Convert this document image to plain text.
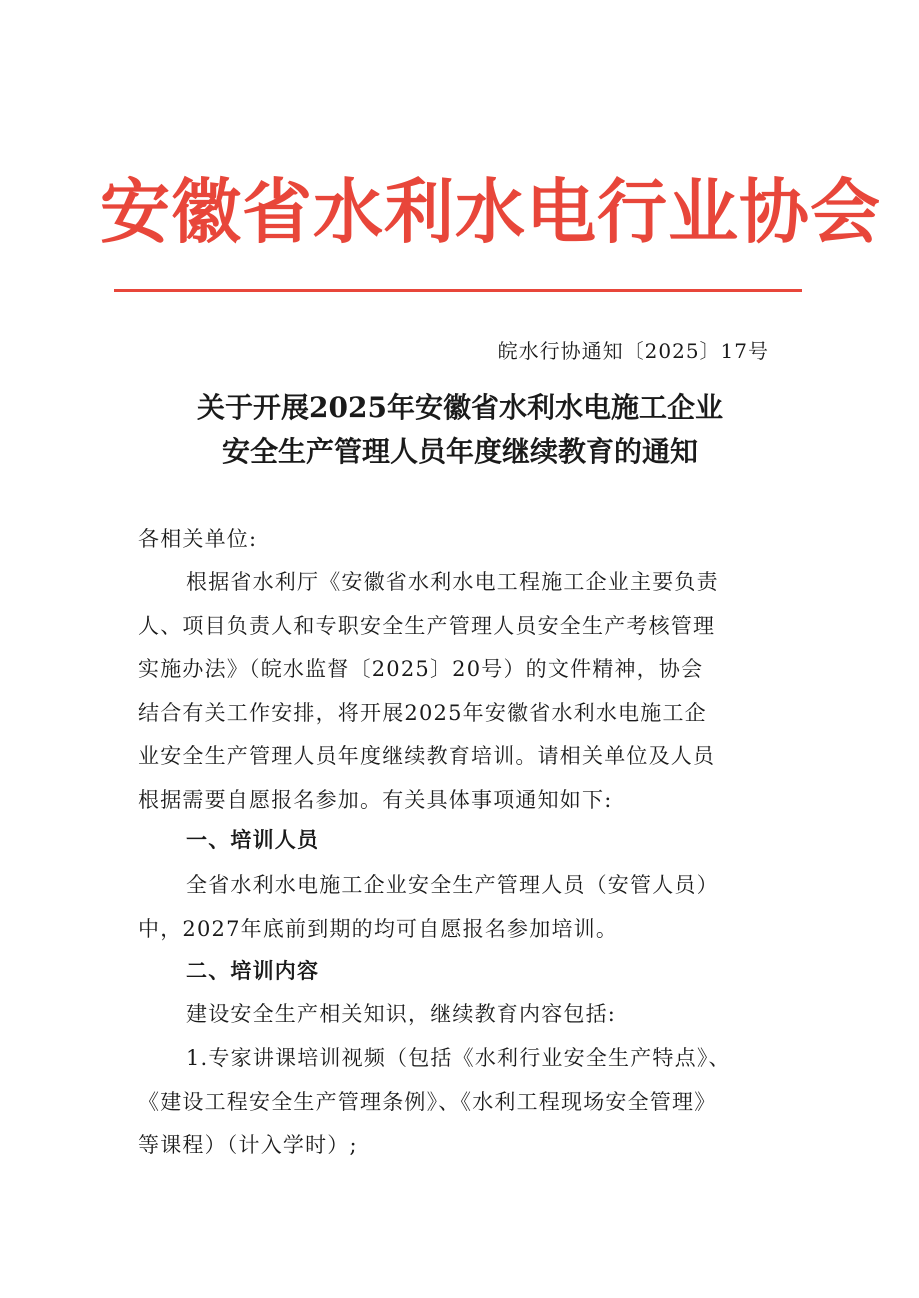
安徽省水利水电行业协会
皖水行协通知〔2025〕17号
关于开展2025年安徽省水利水电施工企业
安全生产管理人员年度继续教育的通知
各相关单位:
根据省水利厅《安徽省水利水电工程施工企业主要负责
人、项目负责人和专职安全生产管理人员安全生产考核管理
实施办法》（皖水监督〔2025〕20号）的文件精神，协会
结合有关工作安排，将开展2025年安徽省水利水电施工企
业安全生产管理人员年度继续教育培训。请相关单位及人员
根据需要自愿报名参加。有关具体事项通知如下:
一、培训人员
全省水利水电施工企业安全生产管理人员（安管人员）
中，2027年底前到期的均可自愿报名参加培训。
二、培训内容
建设安全生产相关知识，继续教育内容包括:
1.专家讲课培训视频（包括《水利行业安全生产特点》、
《建设工程安全生产管理条例》、《水利工程现场安全管理》
等课程）（计入学时）;
